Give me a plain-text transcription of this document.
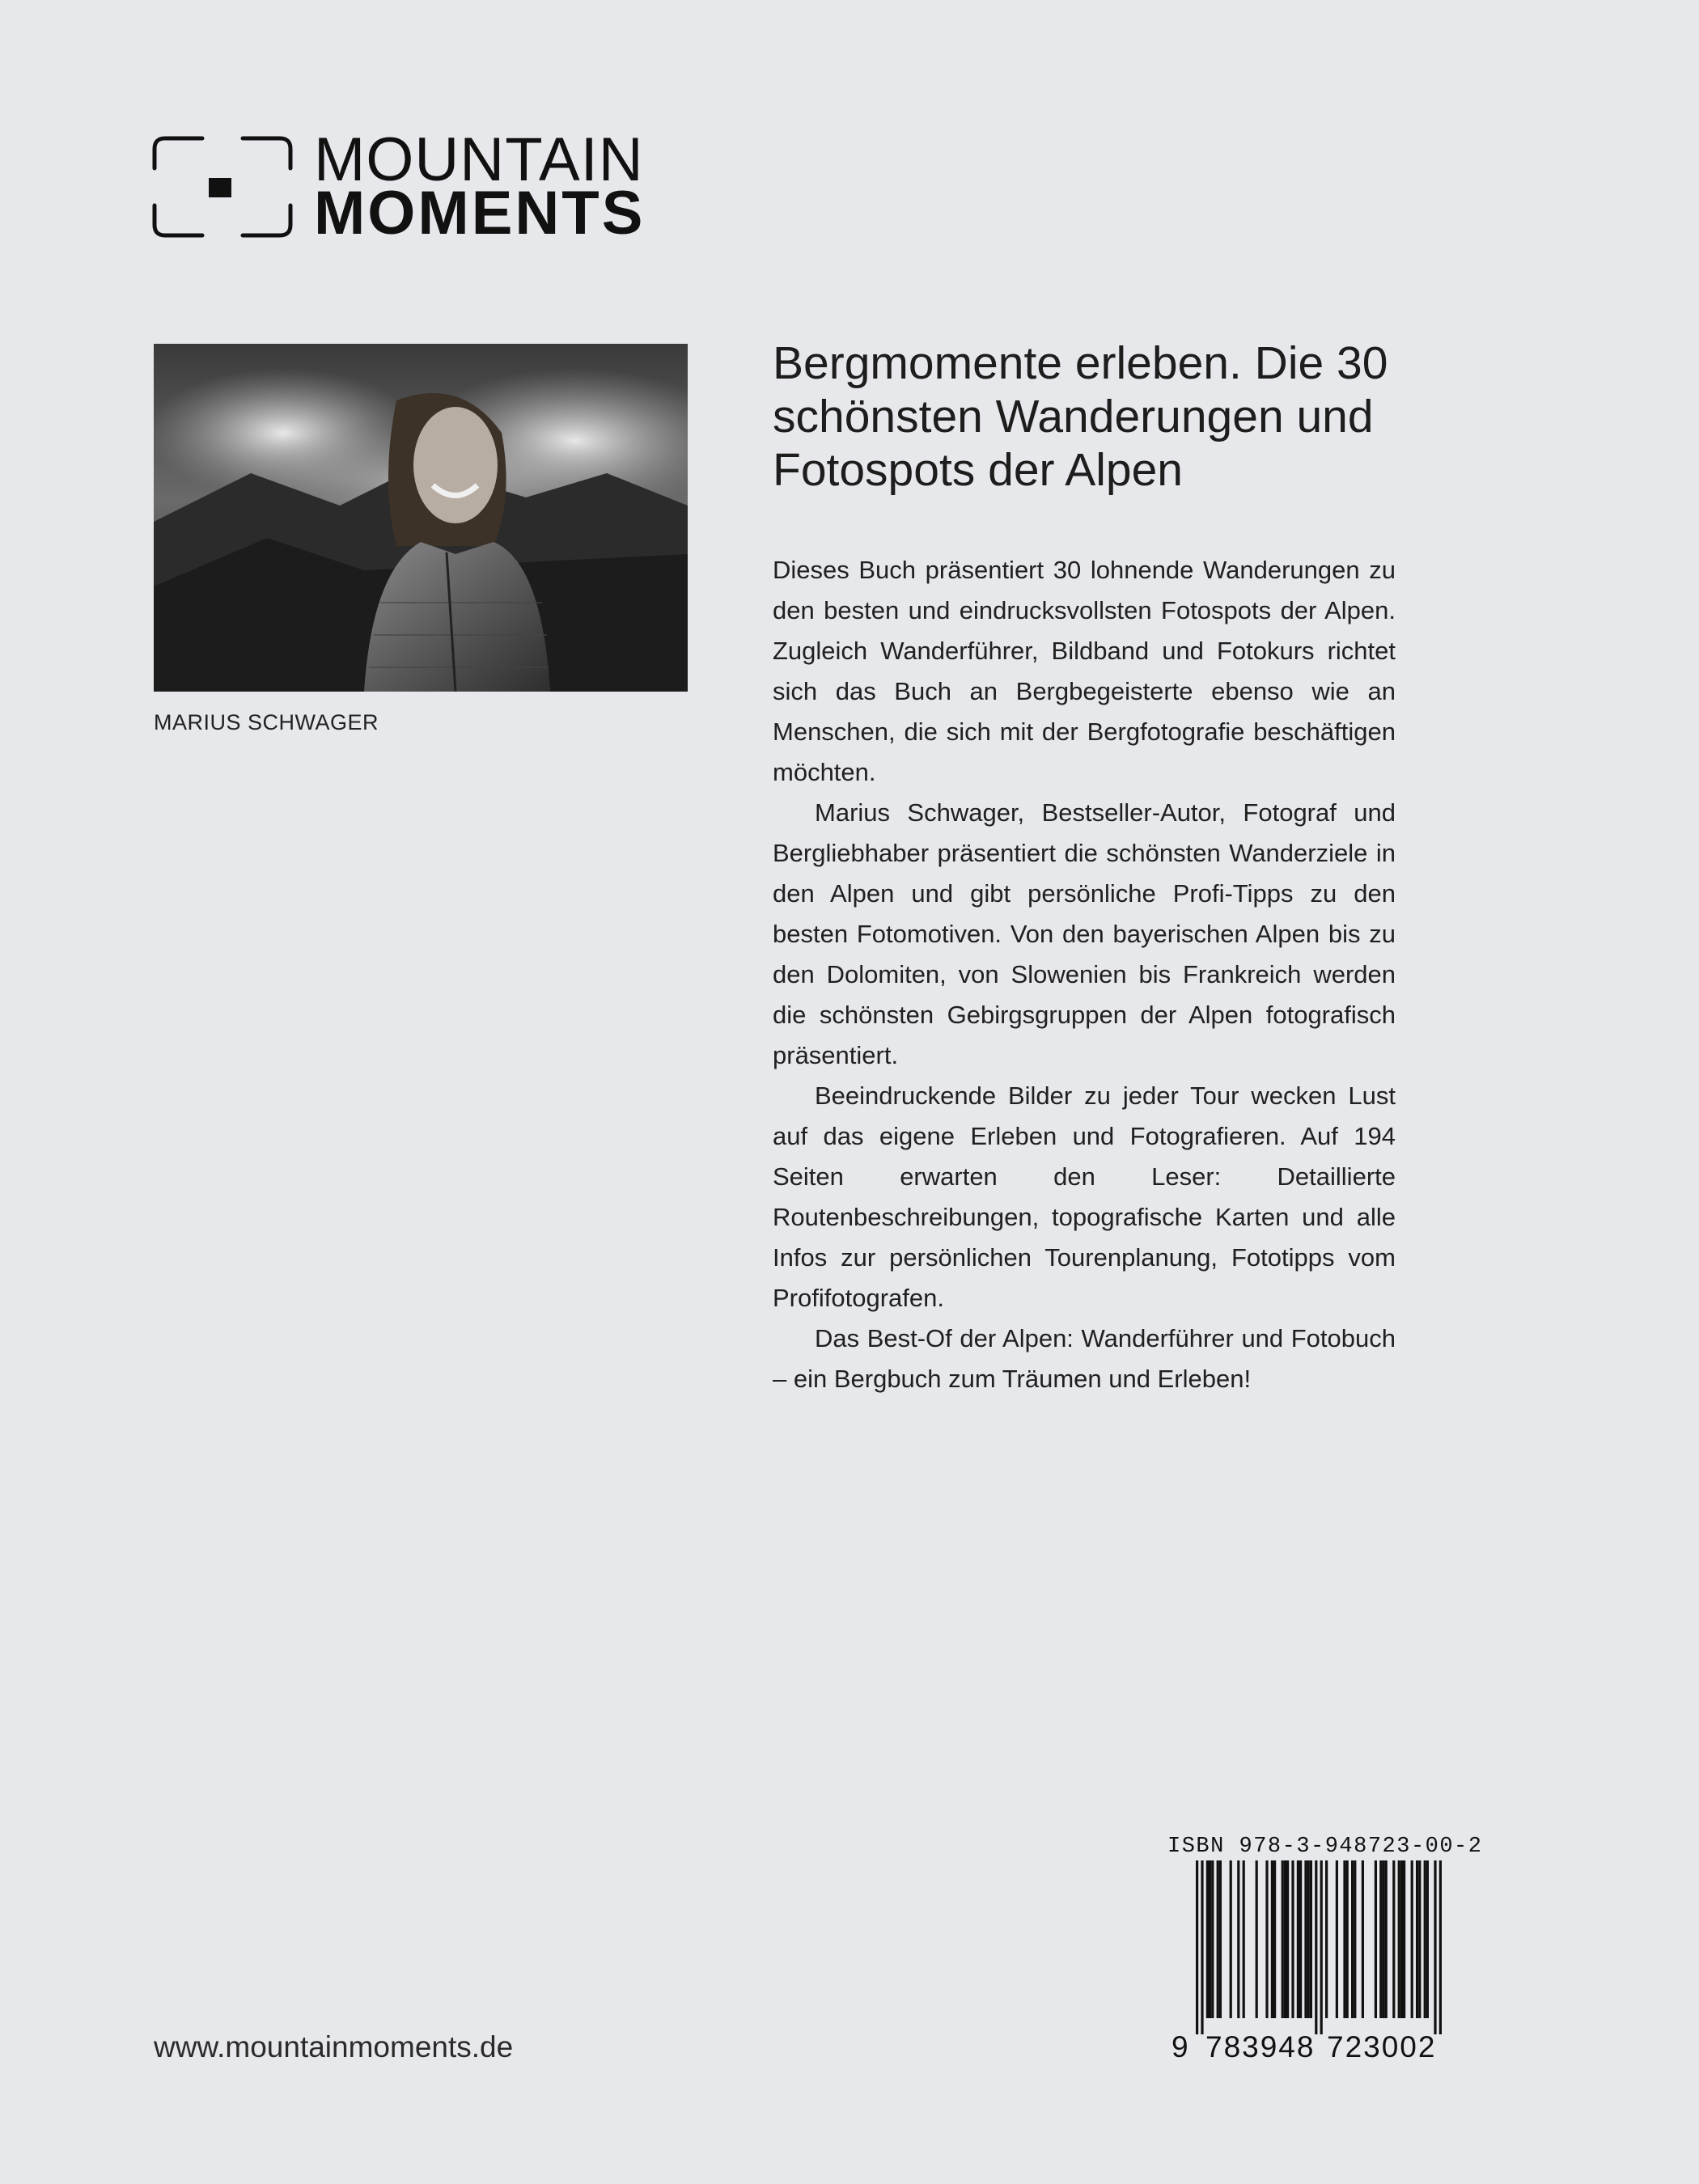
MOUNTAIN
MOMENTS
MARIUS SCHWAGER
Bergmomente erleben. Die 30 schönsten Wanderungen und Fotospots der Alpen

Dieses Buch präsentiert 30 lohnende Wanderungen zu den besten und eindrucksvollsten Fotospots der Alpen. Zugleich Wanderführer, Bildband und Fotokurs richtet sich das Buch an Bergbegeisterte ebenso wie an Menschen, die sich mit der Bergfotografie beschäftigen möchten.

Marius Schwager, Bestseller-Autor, Fotograf und Bergliebhaber präsentiert die schönsten Wanderziele in den Alpen und gibt persönliche Profi-Tipps zu den besten Fotomotiven. Von den bayerischen Alpen bis zu den Dolomiten, von Slowenien bis Frankreich werden die schönsten Gebirgsgruppen der Alpen fotografisch präsentiert.

Beeindruckende Bilder zu jeder Tour wecken Lust auf das eigene Erleben und Fotografieren. Auf 194 Seiten erwarten den Leser: Detaillierte Routenbeschreibungen, topografische Karten und alle Infos zur persönlichen Tourenplanung, Fototipps vom Profifotografen.

Das Best-Of der Alpen: Wanderführer und Fotobuch – ein Bergbuch zum Träumen und Erleben!

ISBN 978-3-948723-00-2
9 783948 723002
www.mountainmoments.de
